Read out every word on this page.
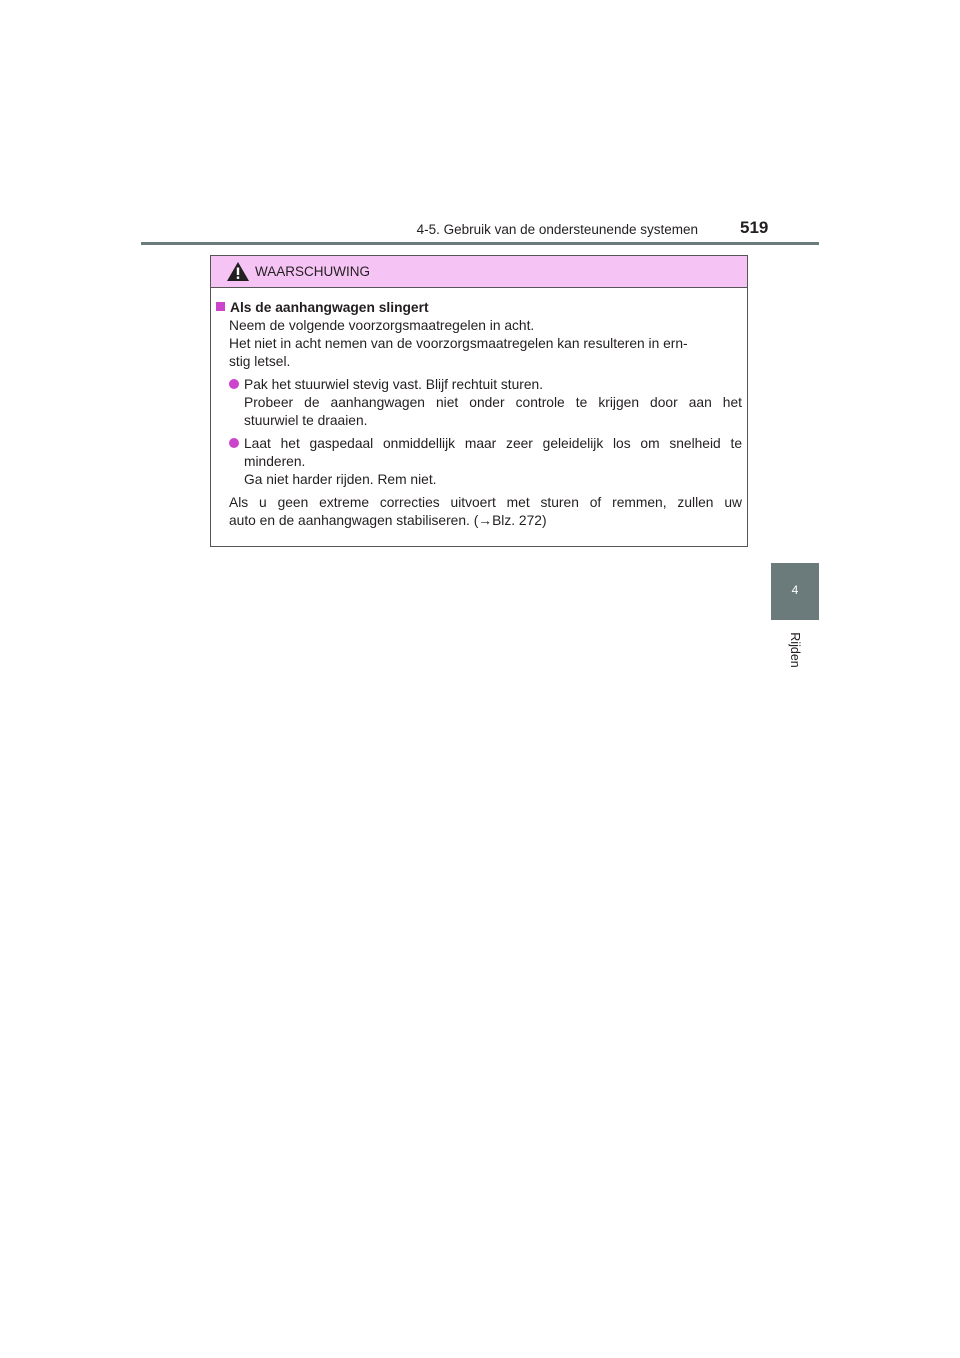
4-5. Gebruik van de ondersteunende systemen 519
4
Rijden
WAARSCHUWING
Als de aanhangwagen slingert
Neem de volgende voorzorgsmaatregelen in acht.
Het niet in acht nemen van de voorzorgsmaatregelen kan resulteren in ern-
stig letsel.
Pak het stuurwiel stevig vast. Blijf rechtuit sturen.
Probeer de aanhangwagen niet onder controle te krijgen door aan het
stuurwiel te draaien.
Laat het gaspedaal onmiddellijk maar zeer geleidelijk los om snelheid te
minderen.
Ga niet harder rijden. Rem niet.
Als u geen extreme correcties uitvoert met sturen of remmen, zullen uw
auto en de aanhangwagen stabiliseren. (→Blz. 272)
